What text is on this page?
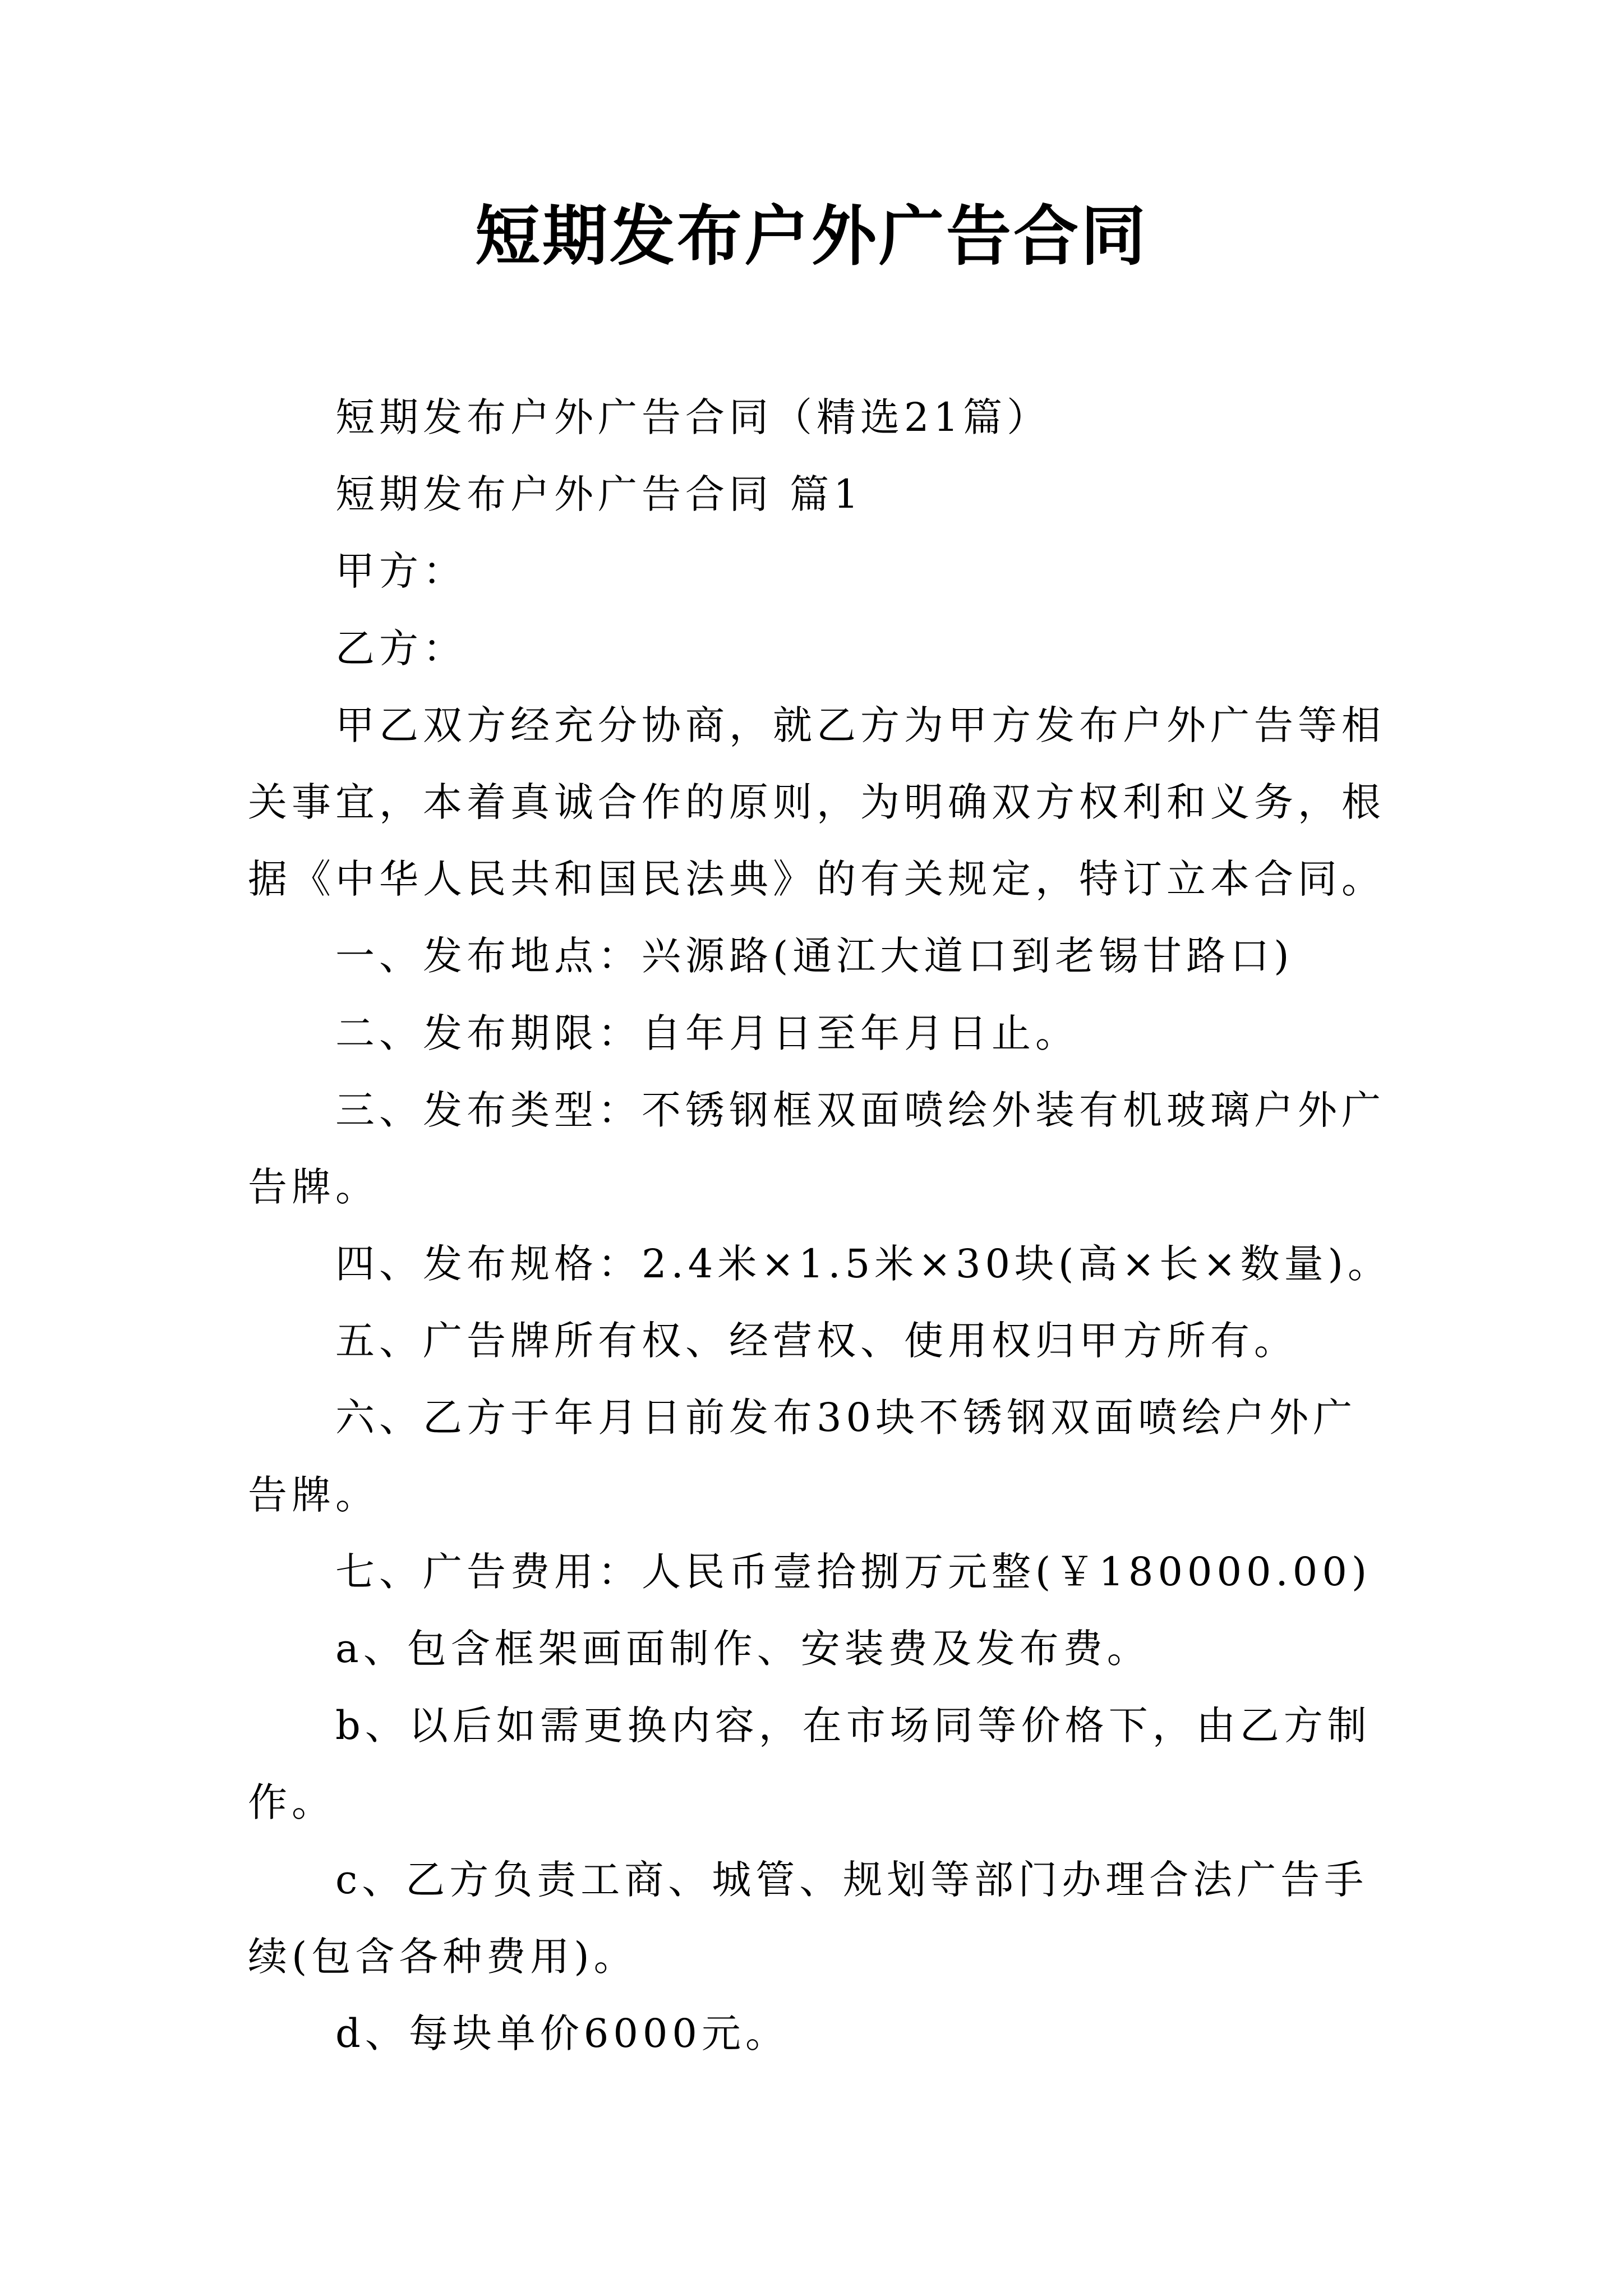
短期发布户外广告合同

短期发布户外广告合同（精选21篇）

短期发布户外广告合同 篇1

甲方：

乙方：

甲乙双方经充分协商，就乙方为甲方发布户外广告等相
关事宜，本着真诚合作的原则，为明确双方权利和义务，根
据《中华人民共和国民法典》的有关规定，特订立本合同。

一、发布地点：兴源路(通江大道口到老锡甘路口)

二、发布期限：自年月日至年月日止。

三、发布类型：不锈钢框双面喷绘外装有机玻璃户外广
告牌。

四、发布规格：2.4米×1.5米×30块(高×长×数量)。

五、广告牌所有权、经营权、使用权归甲方所有。

六、乙方于年月日前发布30块不锈钢双面喷绘户外广
告牌。

七、广告费用：人民币壹拾捌万元整(￥180000.00)

a、包含框架画面制作、安装费及发布费。

b、以后如需更换内容，在市场同等价格下，由乙方制
作。

c、乙方负责工商、城管、规划等部门办理合法广告手
续(包含各种费用)。

d、每块单价6000元。
